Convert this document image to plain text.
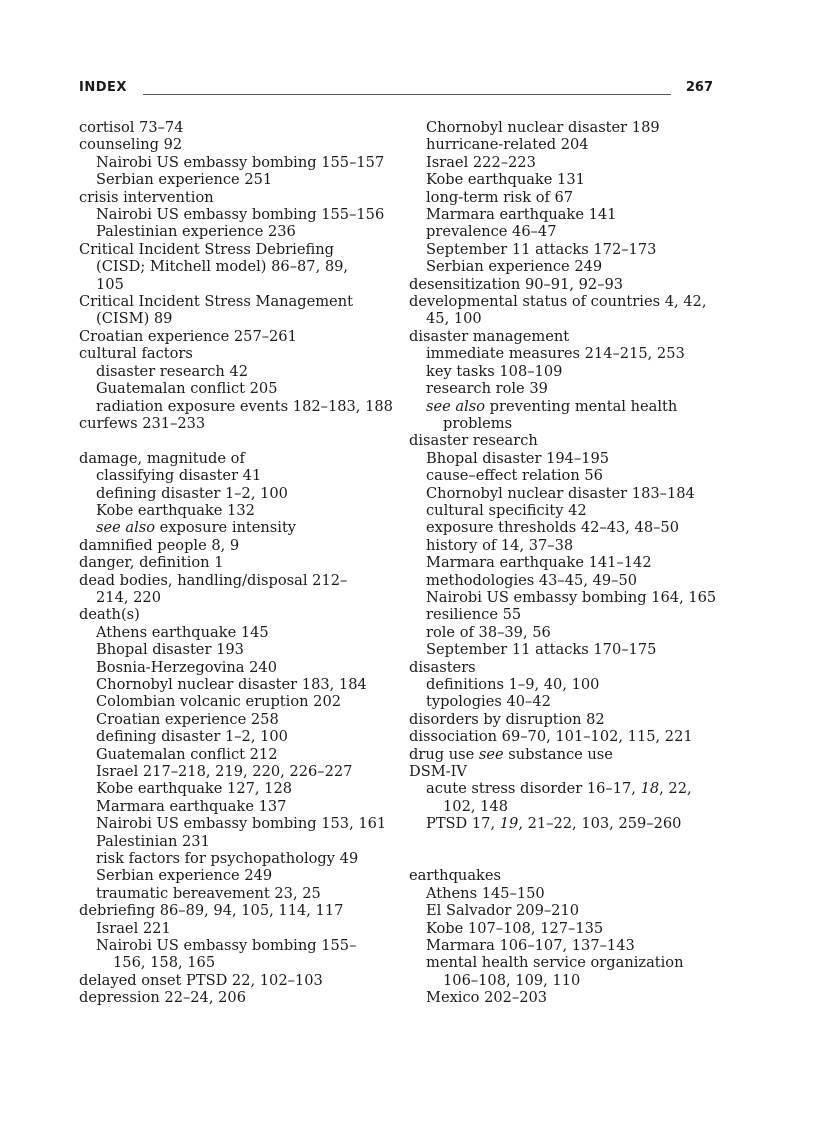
INDEX	267
cortisol 73–74
counseling 92
Nairobi US embassy bombing 155–157
Serbian experience 251
crisis intervention
Nairobi US embassy bombing 155–156
Palestinian experience 236
Critical Incident Stress Debriefing
(CISD; Mitchell model) 86–87, 89,
105
Critical Incident Stress Management
(CISM) 89
Croatian experience 257–261
cultural factors
disaster research 42
Guatemalan conflict 205
radiation exposure events 182–183, 188
curfews 231–233
damage, magnitude of
classifying disaster 41
defining disaster 1–2, 100
Kobe earthquake 132
see also exposure intensity
damnified people 8, 9
danger, definition 1
dead bodies, handling/disposal 212–
214, 220
death(s)
Athens earthquake 145
Bhopal disaster 193
Bosnia-Herzegovina 240
Chornobyl nuclear disaster 183, 184
Colombian volcanic eruption 202
Croatian experience 258
defining disaster 1–2, 100
Guatemalan conflict 212
Israel 217–218, 219, 220, 226–227
Kobe earthquake 127, 128
Marmara earthquake 137
Nairobi US embassy bombing 153, 161
Palestinian 231
risk factors for psychopathology 49
Serbian experience 249
traumatic bereavement 23, 25
debriefing 86–89, 94, 105, 114, 117
Israel 221
Nairobi US embassy bombing 155–
156, 158, 165
delayed onset PTSD 22, 102–103
depression 22–24, 206
Chornobyl nuclear disaster 189
hurricane-related 204
Israel 222–223
Kobe earthquake 131
long-term risk of 67
Marmara earthquake 141
prevalence 46–47
September 11 attacks 172–173
Serbian experience 249
desensitization 90–91, 92–93
developmental status of countries 4, 42,
45, 100
disaster management
immediate measures 214–215, 253
key tasks 108–109
research role 39
see also preventing mental health
problems
disaster research
Bhopal disaster 194–195
cause–effect relation 56
Chornobyl nuclear disaster 183–184
cultural specificity 42
exposure thresholds 42–43, 48–50
history of 14, 37–38
Marmara earthquake 141–142
methodologies 43–45, 49–50
Nairobi US embassy bombing 164, 165
resilience 55
role of 38–39, 56
September 11 attacks 170–175
disasters
definitions 1–9, 40, 100
typologies 40–42
disorders by disruption 82
dissociation 69–70, 101–102, 115, 221
drug use see substance use
DSM-IV
acute stress disorder 16–17, 18, 22,
102, 148
PTSD 17, 19, 21–22, 103, 259–260
earthquakes
Athens 145–150
El Salvador 209–210
Kobe 107–108, 127–135
Marmara 106–107, 137–143
mental health service organization
106–108, 109, 110
Mexico 202–203
